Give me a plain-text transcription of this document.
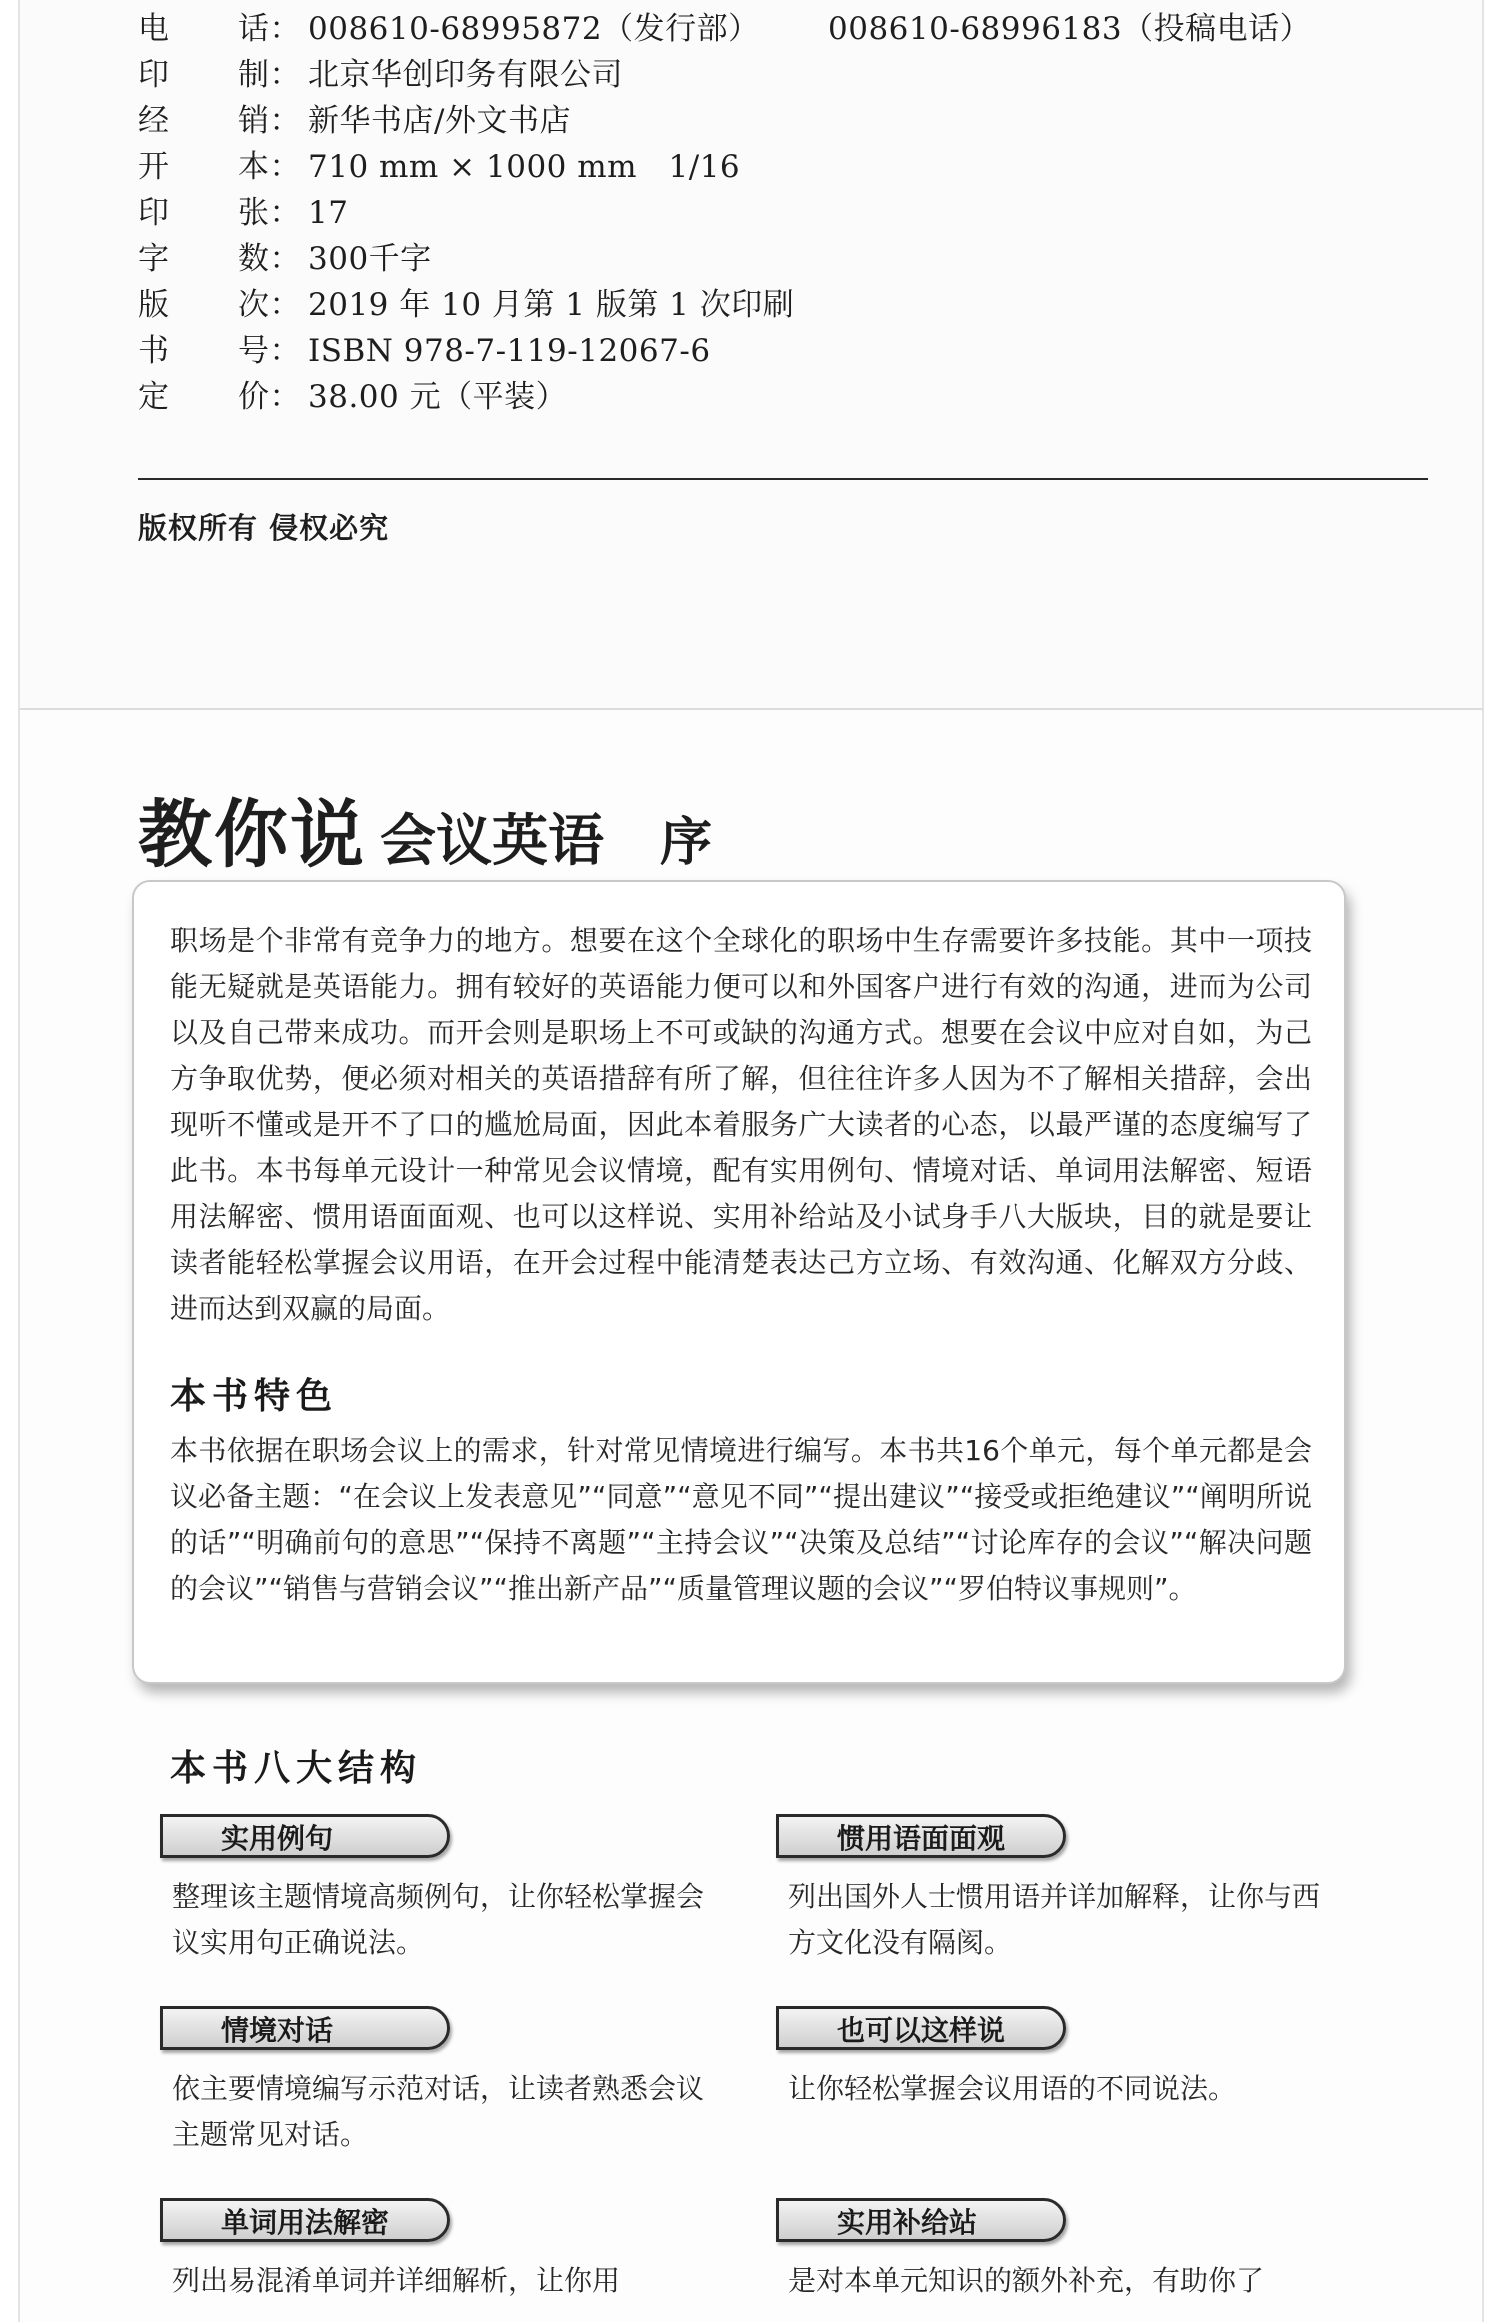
电 话： 008610-68995872（发行部） 008610-68996183（投稿电话）
印 制： 北京华创印务有限公司
经 销： 新华书店/外文书店
开 本： 710 mm × 1000 mm　1/16
印 张： 17
字 数： 300千字
版 次： 2019 年 10 月第 1 版第 1 次印刷
书 号： ISBN 978-7-119-12067-6
定 价： 38.00 元（平装）
版权所有 侵权必究
教你说 会议英语 序

职场是个非常有竞争力的地方。想要在这个全球化的职场中生存需要许多技能。其中一项技能无疑就是英语能力。拥有较好的英语能力便可以和外国客户进行有效的沟通，进而为公司以及自己带来成功。而开会则是职场上不可或缺的沟通方式。想要在会议中应对自如，为己方争取优势，便必须对相关的英语措辞有所了解，但往往许多人因为不了解相关措辞，会出现听不懂或是开不了口的尴尬局面，因此本着服务广大读者的心态，以最严谨的态度编写了此书。本书每单元设计一种常见会议情境，配有实用例句、情境对话、单词用法解密、短语用法解密、惯用语面面观、也可以这样说、实用补给站及小试身手八大版块，目的就是要让读者能轻松掌握会议用语，在开会过程中能清楚表达己方立场、有效沟通、化解双方分歧、进而达到双赢的局面。

本书特色

本书依据在职场会议上的需求，针对常见情境进行编写。本书共16个单元，每个单元都是会议必备主题：“在会议上发表意见”“同意”“意见不同”“提出建议”“接受或拒绝建议”“阐明所说的话”“明确前句的意思”“保持不离题”“主持会议”“决策及总结”“讨论库存的会议”“解决问题的会议”“销售与营销会议”“推出新产品”“质量管理议题的会议”“罗伯特议事规则”。

本书八大结构
实用例句

整理该主题情境高频例句，让你轻松掌握会议实用句正确说法。

惯用语面面观

列出国外人士惯用语并详加解释，让你与西方文化没有隔阂。

情境对话

依主要情境编写示范对话，让读者熟悉会议主题常见对话。

也可以这样说

让你轻松掌握会议用语的不同说法。

单词用法解密

列出易混淆单词并详细解析，让你用

实用补给站

是对本单元知识的额外补充，有助你了
